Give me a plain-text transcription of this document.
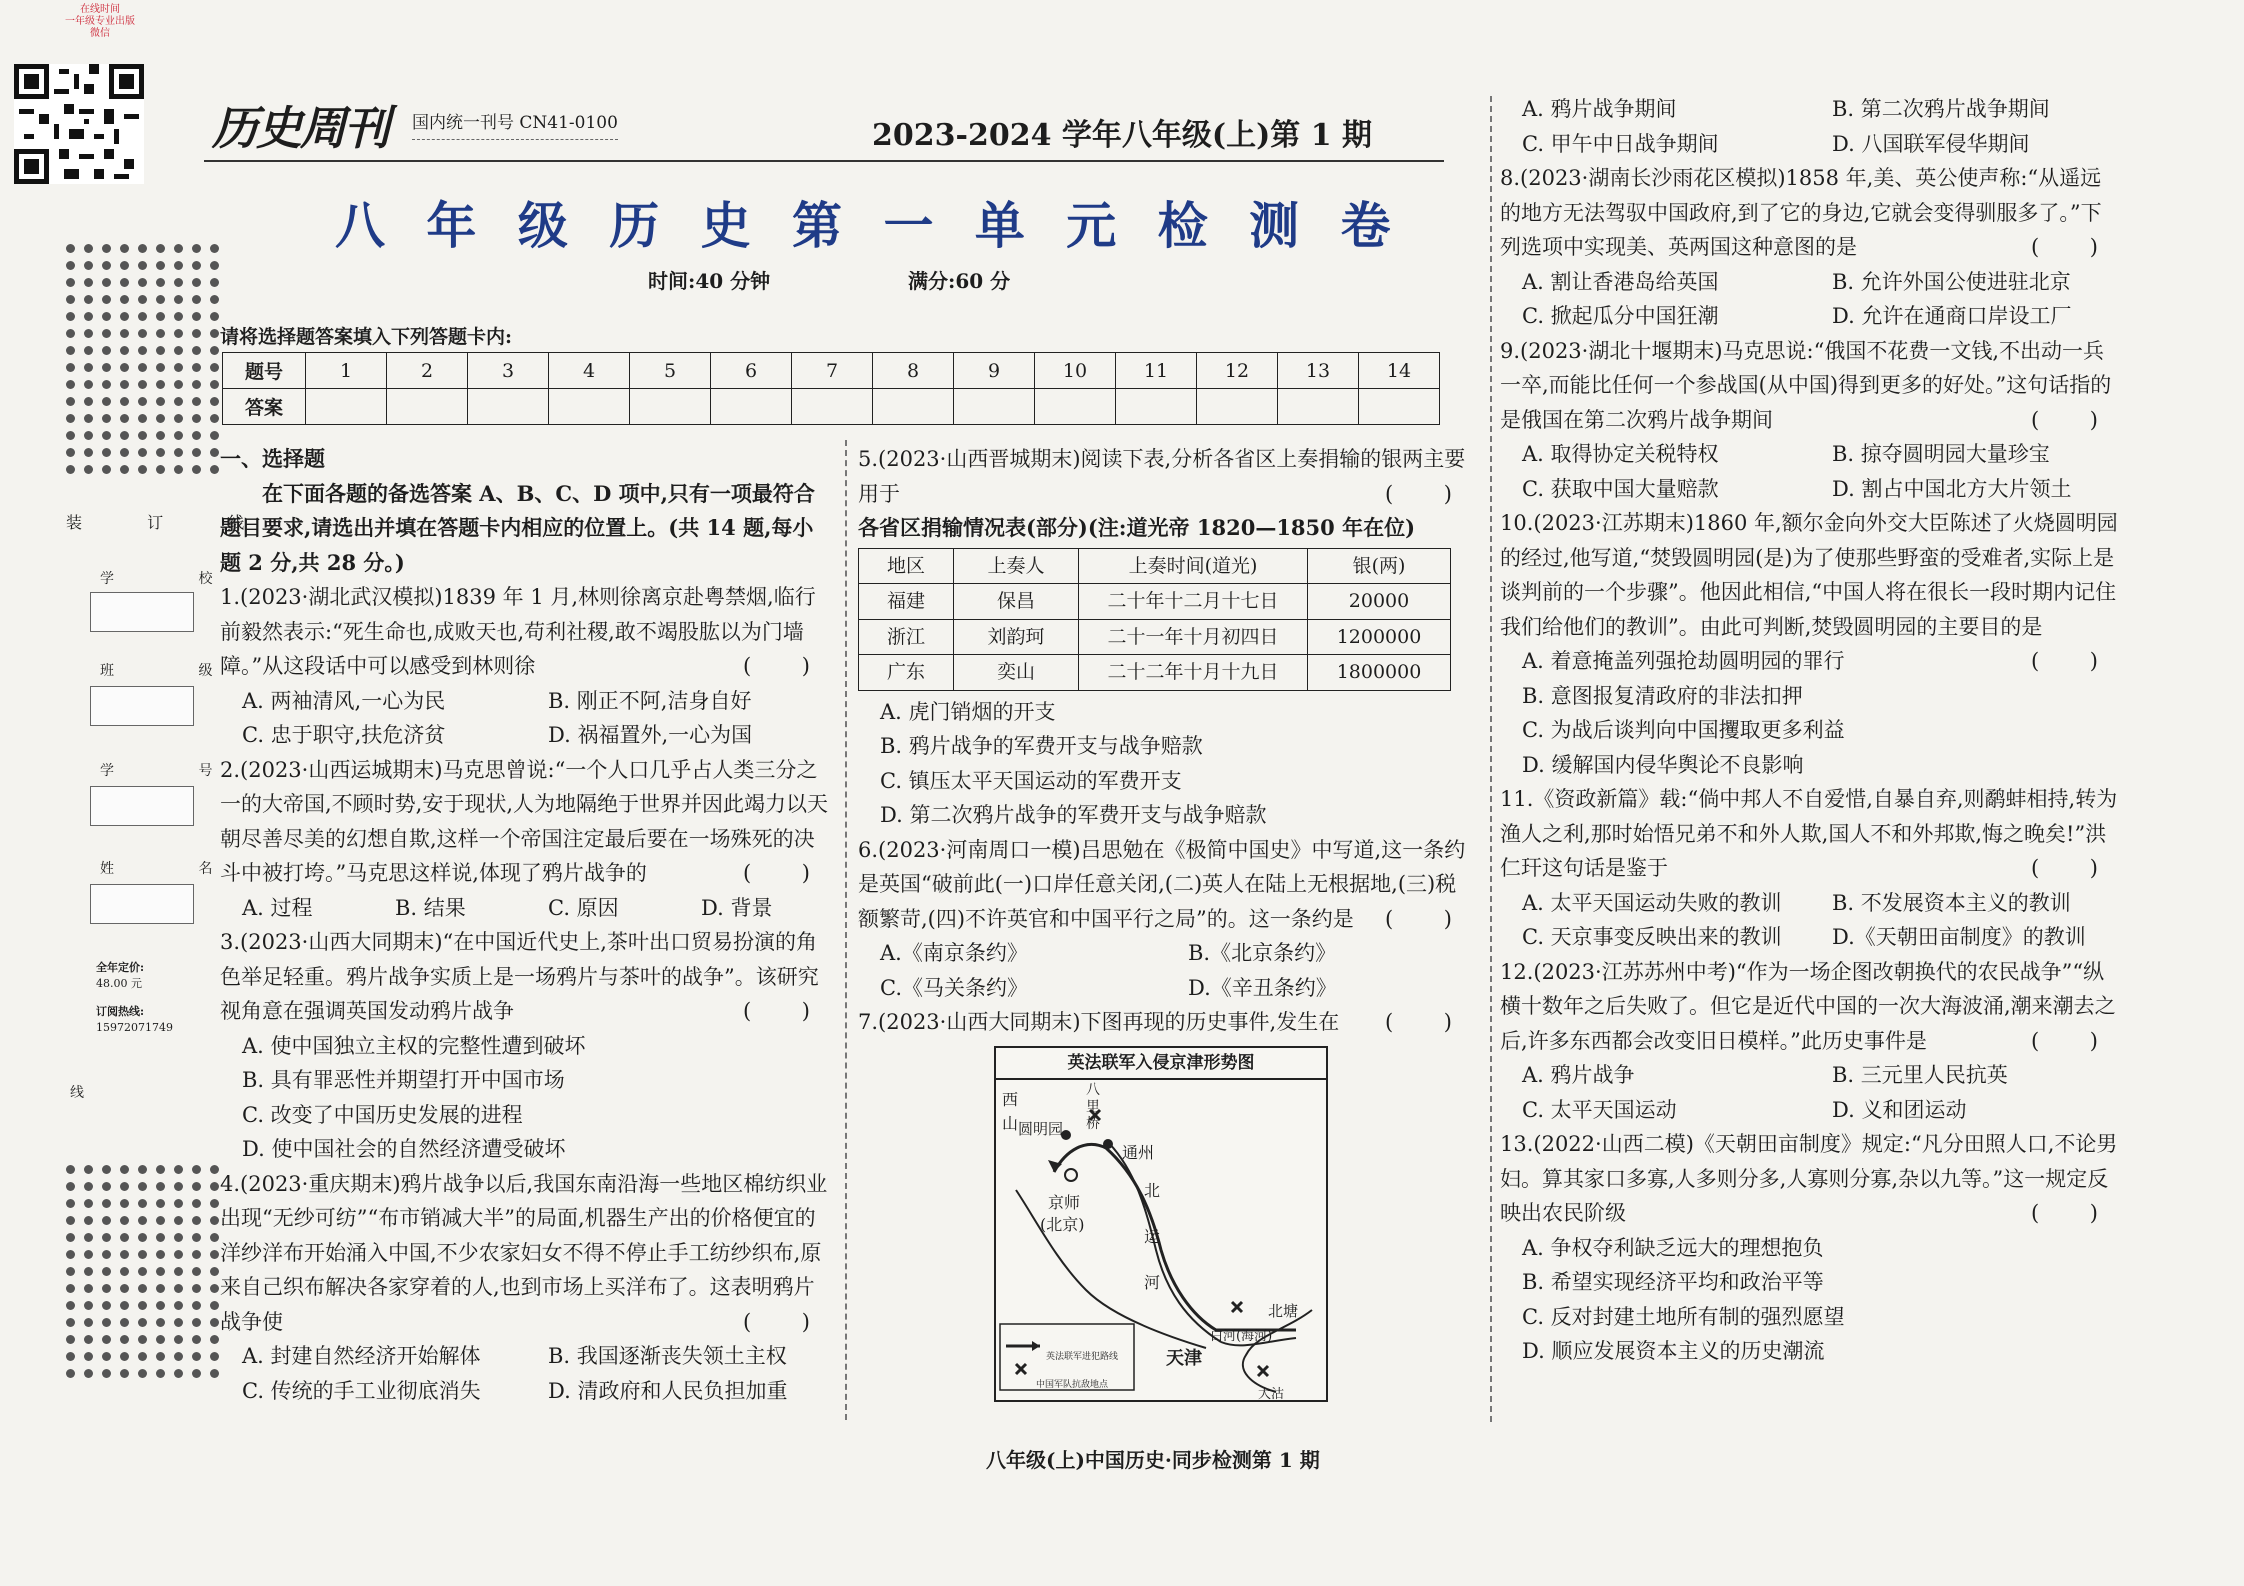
在线时间
一年级专业出版
微信
历史周刊 国内统一刊号 CN41-0100	2023-2024 学年八年级(上)第 1 期
八 年 级 历 史 第 一 单 元 检 测 卷
时间:40 分钟	满分:60 分
装 订 线
学 校
班 级
学 号
姓 名
全年定价:
48.00 元
订阅热线:
15972071749
线
请将选择题答案填入下列答题卡内:
题号	1	2	3	4	5	6	7	8	9	10	11	12	13	14
答案														

一、选择题

在下面各题的备选答案 A、B、C、D 项中,只有一项最符合题目要求,请选出并填在答题卡内相应的位置上。(共 14 题,每小题 2 分,共 28 分。)

1.(2023·湖北武汉模拟)1839 年 1 月,林则徐离京赴粤禁烟,临行前毅然表示:“死生命也,成败天也,苟利社稷,敢不竭股肱以为门墙障。”从这段话中可以感受到林则徐	( )

A. 两袖清风,一心为民	B. 刚正不阿,洁身自好
C. 忠于职守,扶危济贫	D. 祸福置外,一心为国

2.(2023·山西运城期末)马克思曾说:“一个人口几乎占人类三分之一的大帝国,不顾时势,安于现状,人为地隔绝于世界并因此竭力以天朝尽善尽美的幻想自欺,这样一个帝国注定最后要在一场殊死的决斗中被打垮。”马克思这样说,体现了鸦片战争的	( )

A. 过程	B. 结果	C. 原因	D. 背景

3.(2023·山西大同期末)“在中国近代史上,茶叶出口贸易扮演的角色举足轻重。鸦片战争实质上是一场鸦片与茶叶的战争”。该研究视角意在强调英国发动鸦片战争	( )

A. 使中国独立主权的完整性遭到破坏

B. 具有罪恶性并期望打开中国市场

C. 改变了中国历史发展的进程

D. 使中国社会的自然经济遭受破坏

4.(2023·重庆期末)鸦片战争以后,我国东南沿海一些地区棉纺织业出现“无纱可纺”“布市销减大半”的局面,机器生产出的价格便宜的洋纱洋布开始涌入中国,不少农家妇女不得不停止手工纺纱织布,原来自己织布解决各家穿着的人,也到市场上买洋布了。这表明鸦片战争使	( )

A. 封建自然经济开始解体	B. 我国逐渐丧失领土主权
C. 传统的手工业彻底消失	D. 清政府和人民负担加重

5.(2023·山西晋城期末)阅读下表,分析各省区上奏捐输的银两主要用于	( )

各省区捐输情况表(部分)(注:道光帝 1820—1850 年在位)

地区	上奏人	上奏时间(道光)	银(两)
福建	保昌	二十年十二月十七日	20000
浙江	刘韵珂	二十一年十月初四日	1200000
广东	奕山	二十二年十月十九日	1800000

A. 虎门销烟的开支

B. 鸦片战争的军费开支与战争赔款

C. 镇压太平天国运动的军费开支

D. 第二次鸦片战争的军费开支与战争赔款

6.(2023·河南周口一模)吕思勉在《极简中国史》中写道,这一条约是英国“破前此(一)口岸任意关闭,(二)英人在陆上无根据地,(三)税额繁苛,(四)不许英官和中国平行之局”的。这一条约是 ( )

A.《南京条约》	B.《北京条约》
C.《马关条约》	D.《辛丑条约》

7.(2023·山西大同期末)下图再现的历史事件,发生在 ( )

英法联军入侵京津形势图
西山 圆明园
八里桥
通州
京师
(北京)
北运河
天津
白河(海河)
北塘
大沽
英法联军进犯路线
中国军队抗敌地点
A. 鸦片战争期间	B. 第二次鸦片战争期间
C. 甲午中日战争期间	D. 八国联军侵华期间

8.(2023·湖南长沙雨花区模拟)1858 年,美、英公使声称:“从遥远的地方无法驾驭中国政府,到了它的身边,它就会变得驯服多了。”下列选项中实现美、英两国这种意图的是	( )

A. 割让香港岛给英国	B. 允许外国公使进驻北京
C. 掀起瓜分中国狂潮	D. 允许在通商口岸设工厂

9.(2023·湖北十堰期末)马克思说:“俄国不花费一文钱,不出动一兵一卒,而能比任何一个参战国(从中国)得到更多的好处。”这句话指的是俄国在第二次鸦片战争期间	( )

A. 取得协定关税特权	B. 掠夺圆明园大量珍宝
C. 获取中国大量赔款	D. 割占中国北方大片领土

10.(2023·江苏期末)1860 年,额尔金向外交大臣陈述了火烧圆明园的经过,他写道,“焚毁圆明园(是)为了使那些野蛮的受难者,实际上是谈判前的一个步骤”。他因此相信,“中国人将在很长一段时期内记住我们给他们的教训”。由此可判断,焚毁圆明园的主要目的是
( )

A. 着意掩盖列强抢劫圆明园的罪行

B. 意图报复清政府的非法扣押

C. 为战后谈判向中国攫取更多利益

D. 缓解国内侵华舆论不良影响

11.《资政新篇》载:“倘中邦人不自爱惜,自暴自弃,则鹬蚌相持,转为渔人之利,那时始悟兄弟不和外人欺,国人不和外邦欺,悔之晚矣!”洪仁玕这句话是鉴于	( )

A. 太平天国运动失败的教训	B. 不发展资本主义的教训
C. 天京事变反映出来的教训	D.《天朝田亩制度》的教训

12.(2023·江苏苏州中考)“作为一场企图改朝换代的农民战争”“纵横十数年之后失败了。但它是近代中国的一次大海波涌,潮来潮去之后,许多东西都会改变旧日模样。”此历史事件是	( )

A. 鸦片战争	B. 三元里人民抗英
C. 太平天国运动	D. 义和团运动

13.(2022·山西二模)《天朝田亩制度》规定:“凡分田照人口,不论男妇。算其家口多寡,人多则分多,人寡则分寡,杂以九等。”这一规定反映出农民阶级	( )

A. 争权夺利缺乏远大的理想抱负

B. 希望实现经济平均和政治平等

C. 反对封建土地所有制的强烈愿望

D. 顺应发展资本主义的历史潮流

八年级(上)中国历史·同步检测第 1 期
